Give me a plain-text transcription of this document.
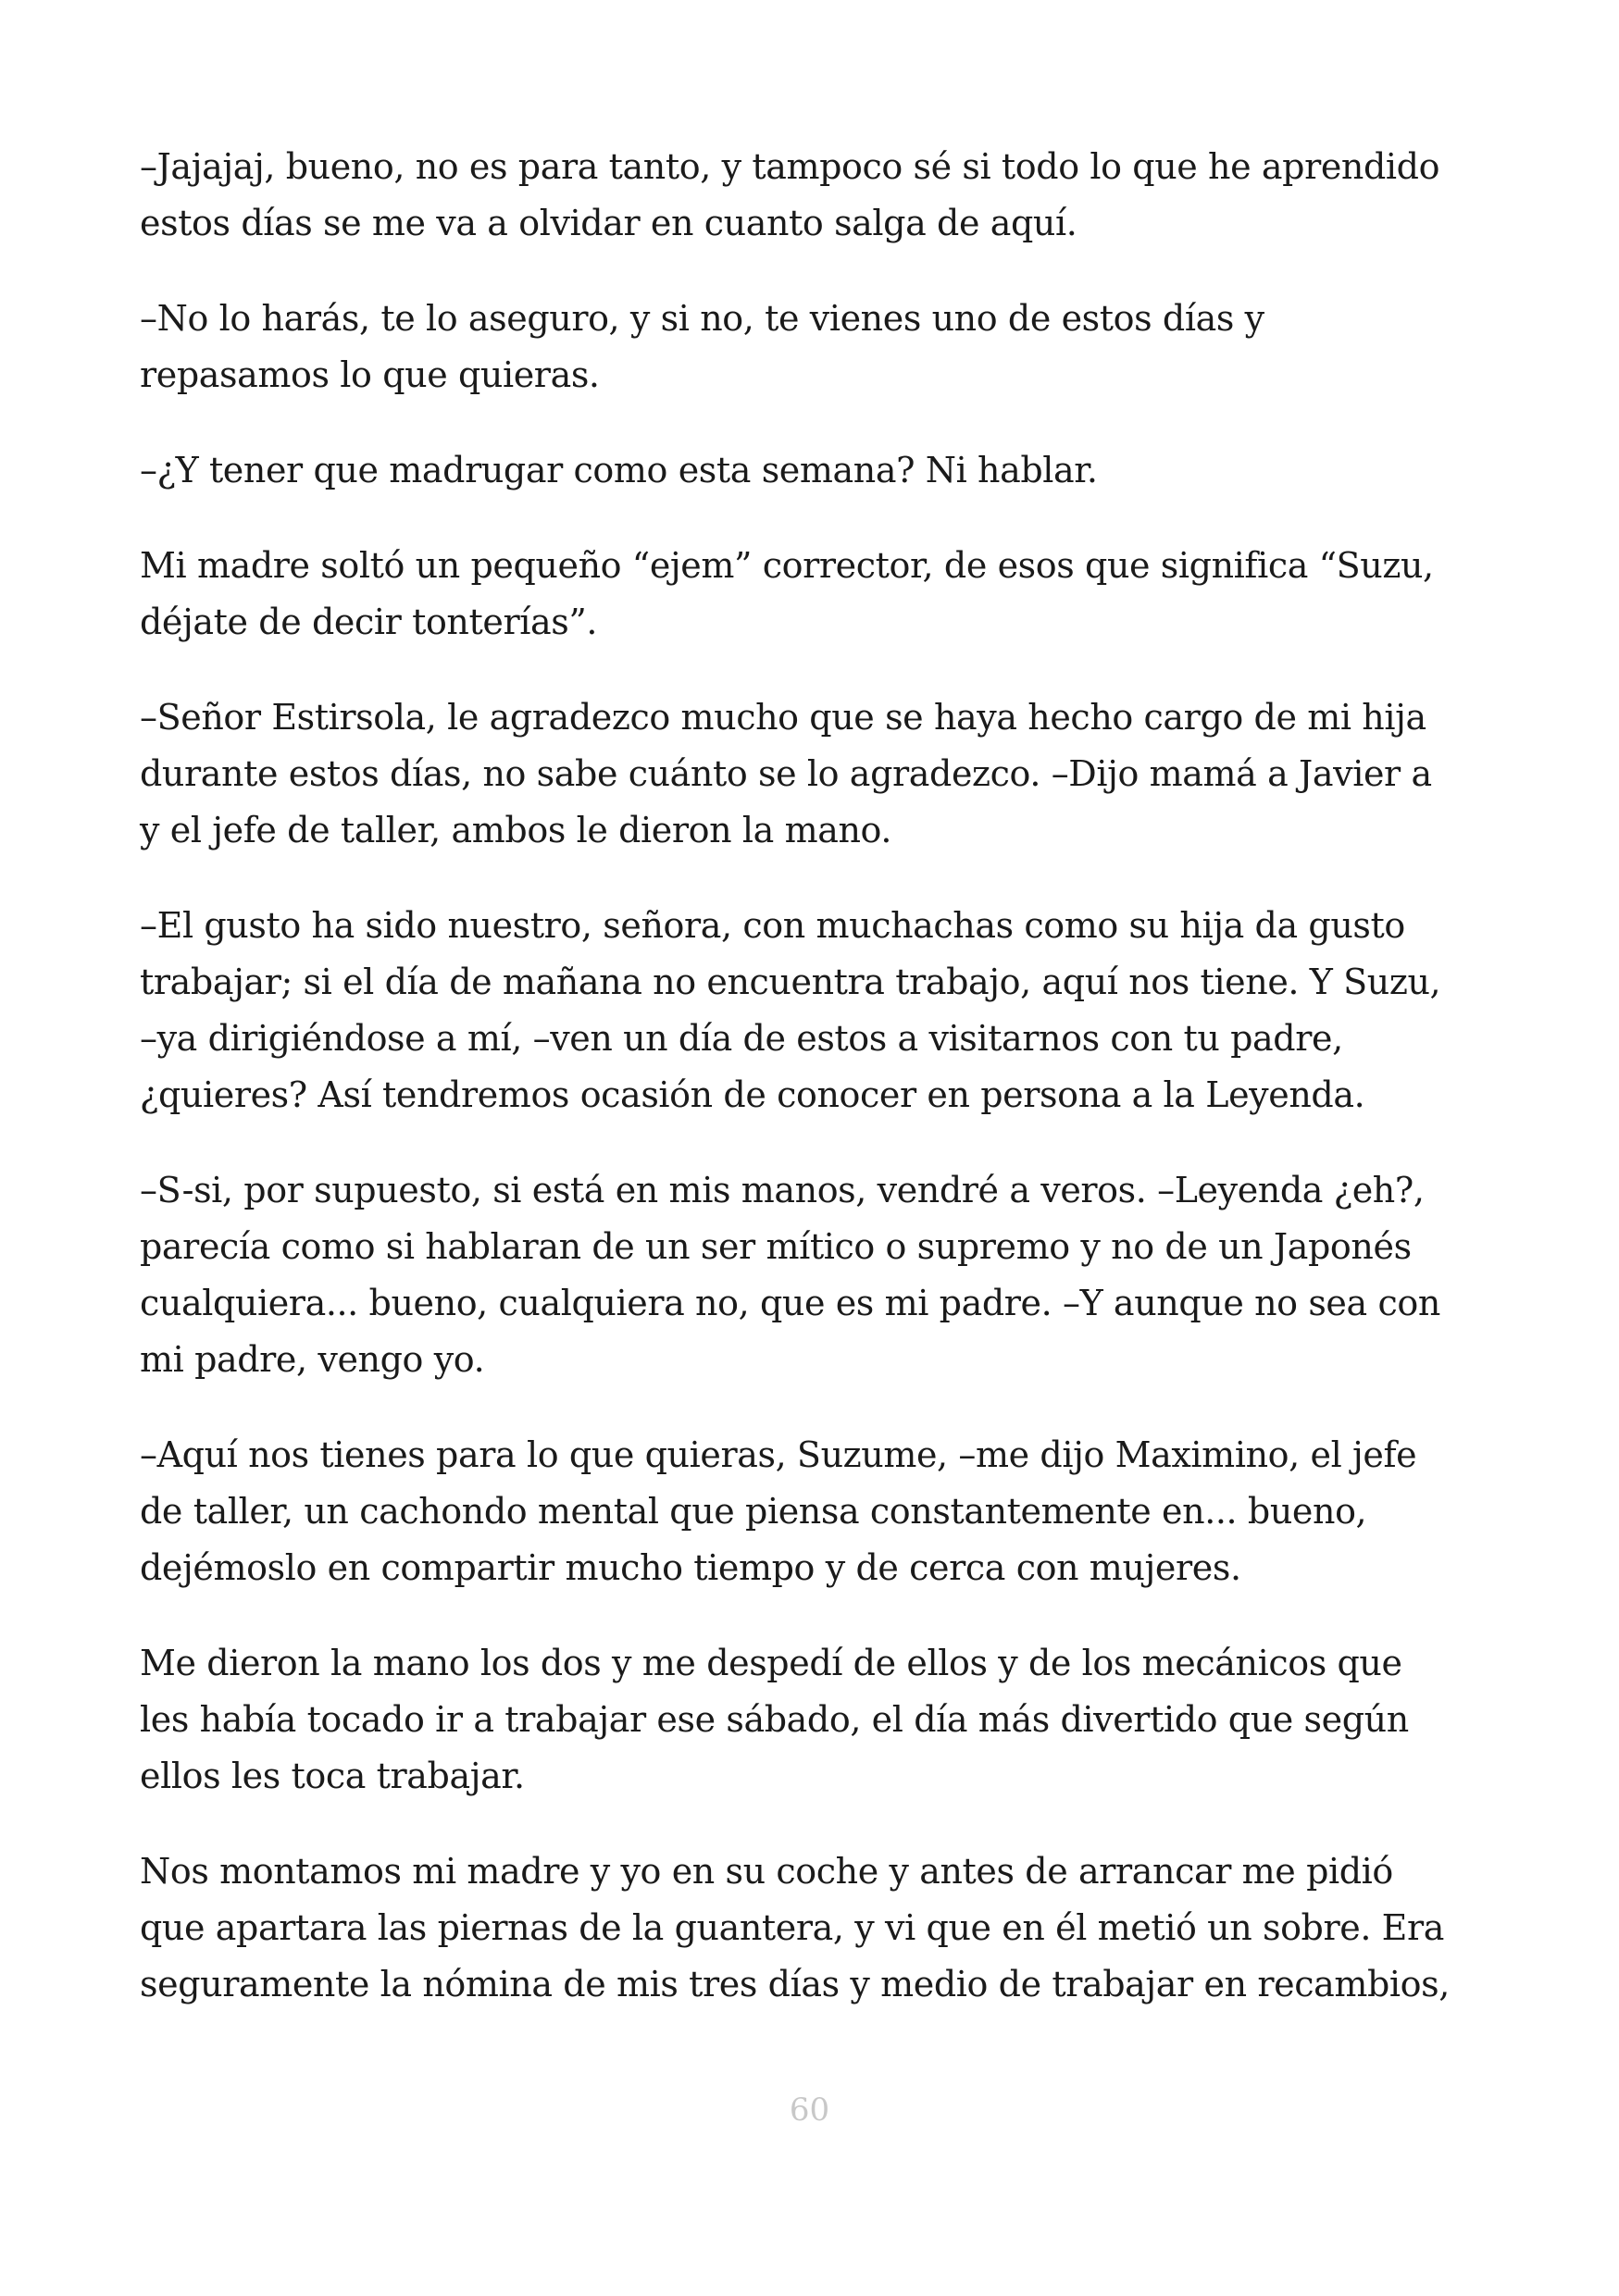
–Jajajaj, bueno, no es para tanto, y tampoco sé si todo lo que he aprendido
estos días se me va a olvidar en cuanto salga de aquí.

–No lo harás, te lo aseguro, y si no, te vienes uno de estos días y
repasamos lo que quieras.

–¿Y tener que madrugar como esta semana? Ni hablar.

Mi madre soltó un pequeño “ejem” corrector, de esos que significa “Suzu,
déjate de decir tonterías”.

–Señor Estirsola, le agradezco mucho que se haya hecho cargo de mi hija
durante estos días, no sabe cuánto se lo agradezco. –Dijo mamá a Javier a
y el jefe de taller, ambos le dieron la mano.

–El gusto ha sido nuestro, señora, con muchachas como su hija da gusto
trabajar; si el día de mañana no encuentra trabajo, aquí nos tiene. Y Suzu,
–ya dirigiéndose a mí, –ven un día de estos a visitarnos con tu padre,
¿quieres? Así tendremos ocasión de conocer en persona a la Leyenda.

–S-si, por supuesto, si está en mis manos, vendré a veros. –Leyenda ¿eh?,
parecía como si hablaran de un ser mítico o supremo y no de un Japonés
cualquiera... bueno, cualquiera no, que es mi padre. –Y aunque no sea con
mi padre, vengo yo.

–Aquí nos tienes para lo que quieras, Suzume, –me dijo Maximino, el jefe
de taller, un cachondo mental que piensa constantemente en... bueno,
dejémoslo en compartir mucho tiempo y de cerca con mujeres.

Me dieron la mano los dos y me despedí de ellos y de los mecánicos que
les había tocado ir a trabajar ese sábado, el día más divertido que según
ellos les toca trabajar.

Nos montamos mi madre y yo en su coche y antes de arrancar me pidió
que apartara las piernas de la guantera, y vi que en él metió un sobre. Era
seguramente la nómina de mis tres días y medio de trabajar en recambios,

60
